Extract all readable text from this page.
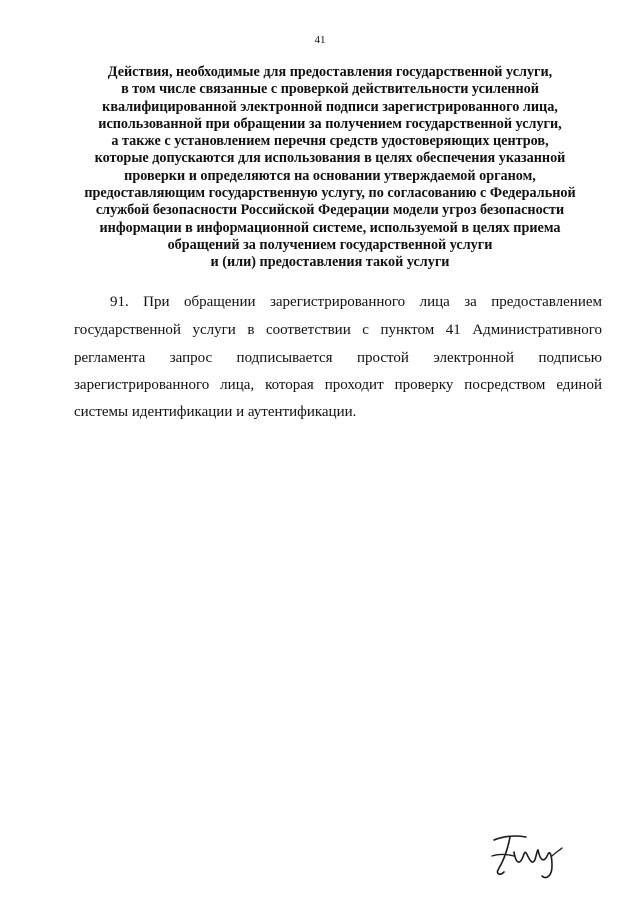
41
Действия, необходимые для предоставления государственной услуги,
в том числе связанные с проверкой действительности усиленной
квалифицированной электронной подписи зарегистрированного лица,
использованной при обращении за получением государственной услуги,
а также с установлением перечня средств удостоверяющих центров,
которые допускаются для использования в целях обеспечения указанной
проверки и определяются на основании утверждаемой органом,
предоставляющим государственную услугу, по согласованию с Федеральной
службой безопасности Российской Федерации модели угроз безопасности
информации в информационной системе, используемой в целях приема
обращений за получением государственной услуги
и (или) предоставления такой услуги
91. При обращении зарегистрированного лица за предоставлением
государственной услуги в соответствии с пунктом 41 Административного
регламента запрос подписывается простой электронной подписью
зарегистрированного лица, которая проходит проверку посредством единой
системы идентификации и аутентификации.
